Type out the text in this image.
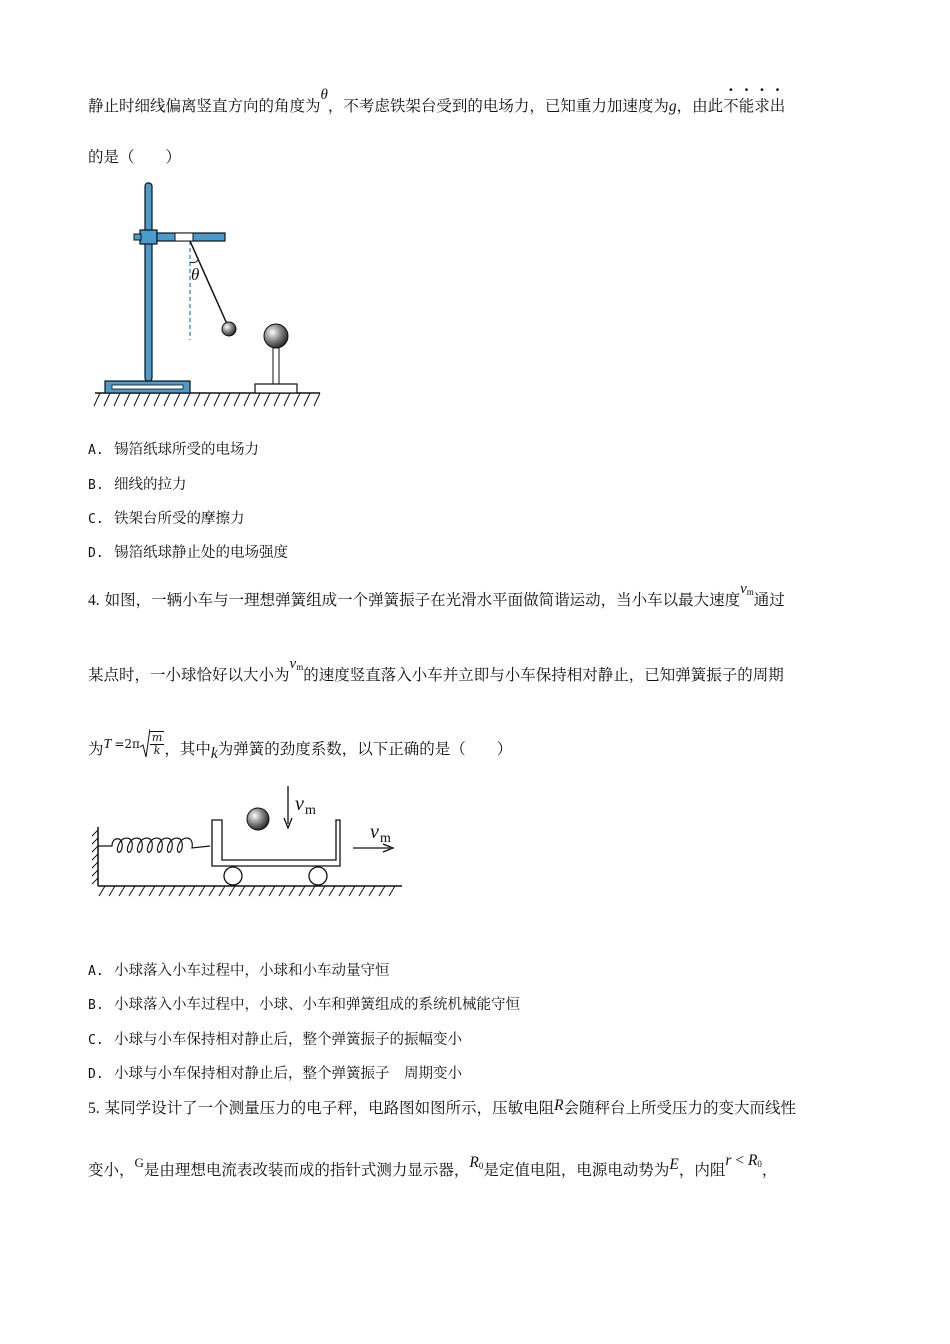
静止时细线偏离竖直方向的角度为θ，不考虑铁架台受到的电场力，已知重力加速度为g，由此不能求出
的是（　　）
θ
A. 锡箔纸球所受的电场力
B. 细线的拉力
C. 铁架台所受的摩擦力
D. 锡箔纸球静止处的电场强度
4. 如图，一辆小车与一理想弹簧组成一个弹簧振子在光滑水平面做简谐运动，当小车以最大速度vm通过
某点时，一小球恰好以大小为vm的速度竖直落入小车并立即与小车保持相对静止，已知弹簧振子的周期
为$T =2\pi \frac{m}{k}$ ，其中k为弹簧的劲度系数，以下正确的是（　　）
v m
v m
A. 小球落入小车过程中，小球和小车动量守恒
B. 小球落入小车过程中，小球、小车和弹簧组成的系统机械能守恒
C. 小球与小车保持相对静止后，整个弹簧振子的振幅变小
D. 小球与小车保持相对静止后，整个弹簧振子　周期变小
5. 某同学设计了一个测量压力的电子秤，电路图如图所示，压敏电阻R会随秤台上所受压力的变大而线性
变小，$^G$是由理想电流表改装而成的指针式测力显示器，R0是定值电阻，电源电动势为E，内阻r < R0，
